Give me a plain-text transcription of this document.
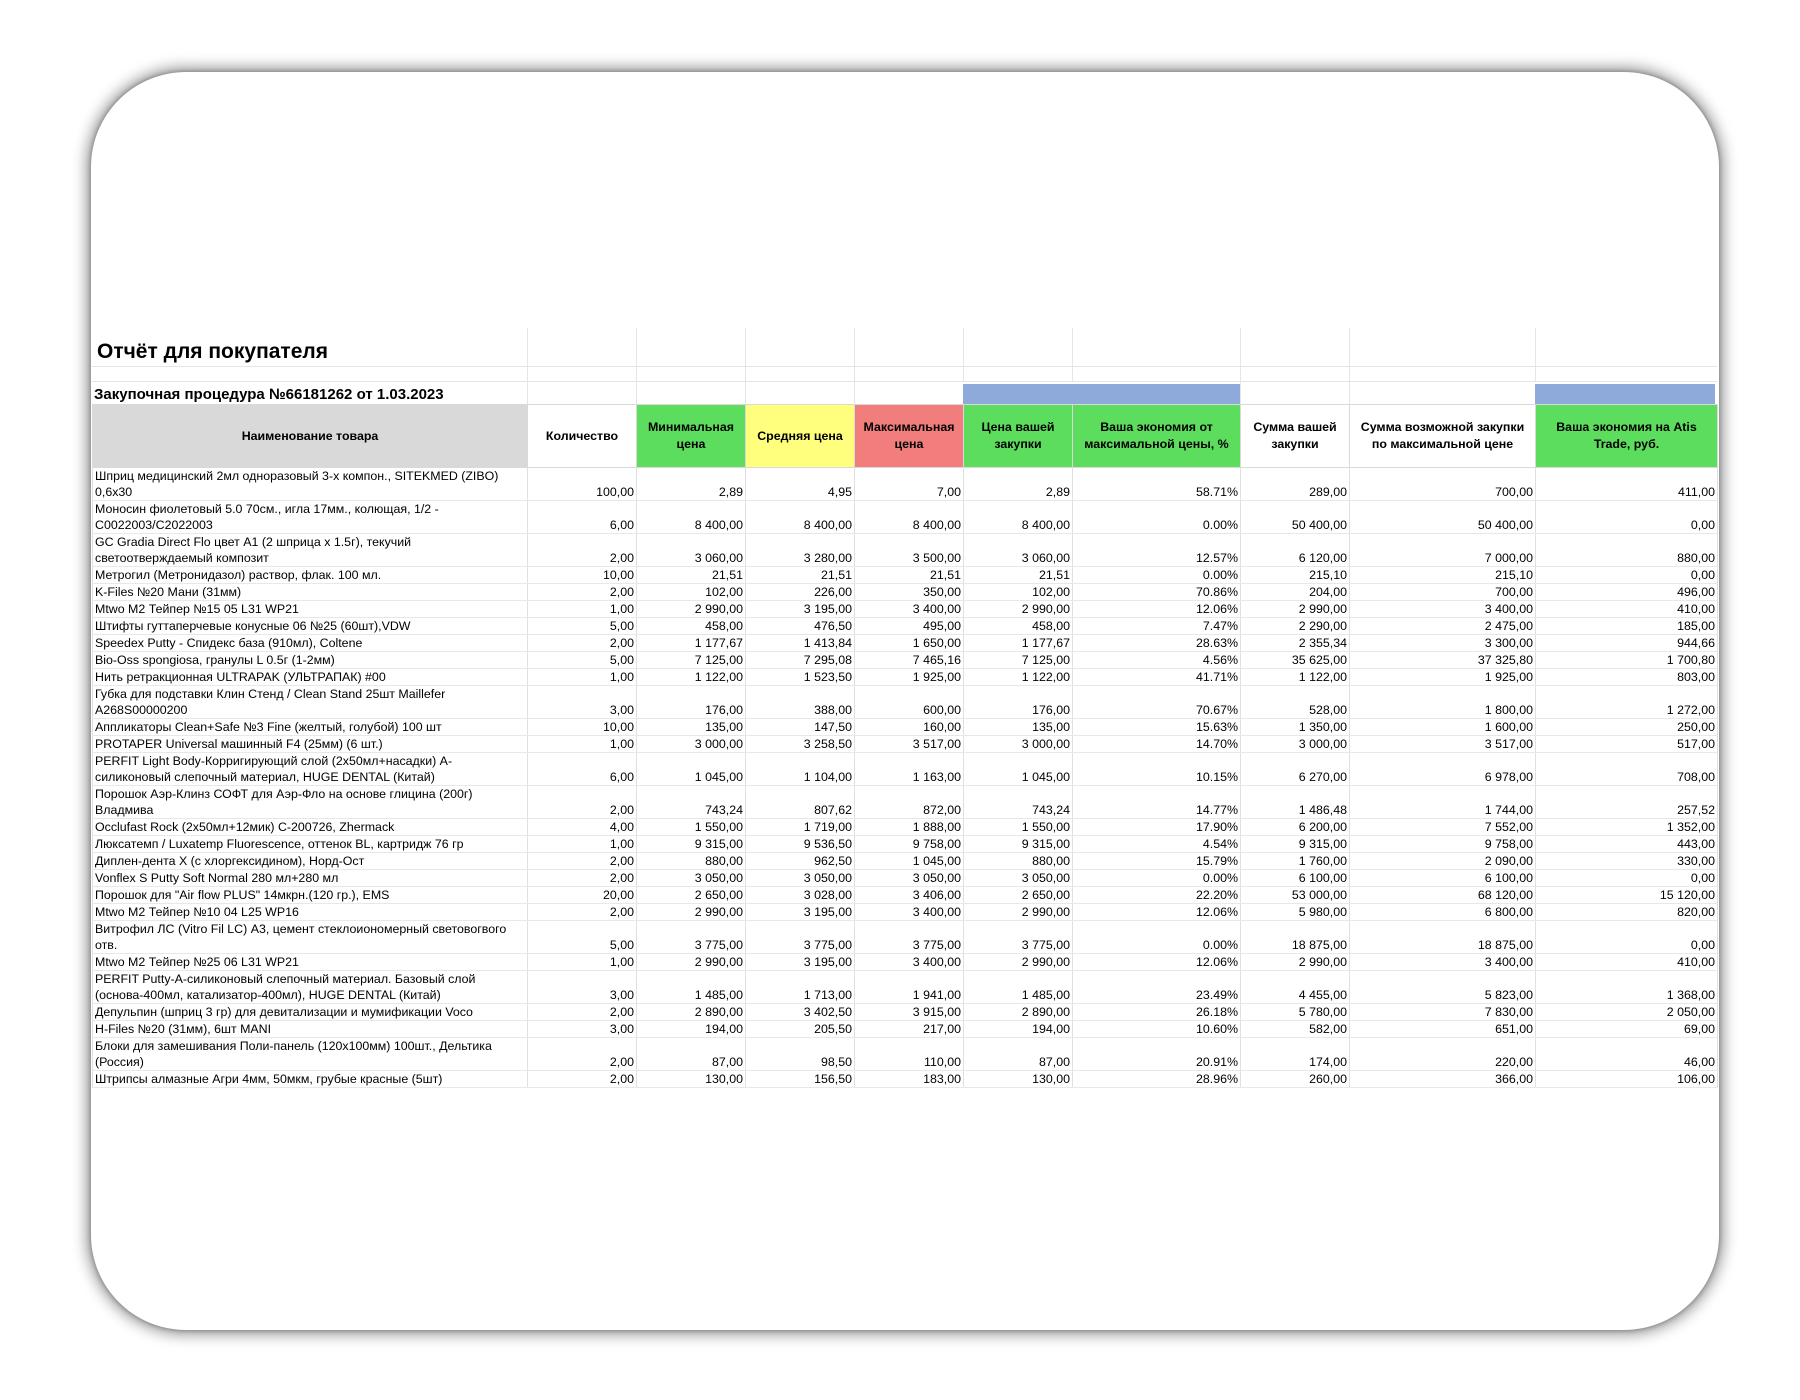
Отчёт для покупателя
Закупочная процедура №66181262 от 1.03.2023
Наименование товара	Количество	Минимальная цена	Средняя цена	Максимальная цена	Цена вашей закупки	Ваша экономия от максимальной цены, %	Сумма вашей закупки	Сумма возможной закупки по максимальной цене	Ваша экономия на Atis Trade, руб.
Шприц медицинский 2мл одноразовый 3-х компон., SITEKMED (ZIBO) 0,6х30	100,00	2,89	4,95	7,00	2,89	58.71%	289,00	700,00	411,00
Моносин фиолетовый 5.0 70см., игла 17мм., колющая, 1/2 - C0022003/C2022003	6,00	8 400,00	8 400,00	8 400,00	8 400,00	0.00%	50 400,00	50 400,00	0,00
GC Gradia Direct Flo цвет А1 (2 шприца х 1.5г), текучий светоотверждаемый композит	2,00	3 060,00	3 280,00	3 500,00	3 060,00	12.57%	6 120,00	7 000,00	880,00
Метрогил (Метронидазол) раствор, флак. 100 мл.	10,00	21,51	21,51	21,51	21,51	0.00%	215,10	215,10	0,00
K-Files №20 Мани (31мм)	2,00	102,00	226,00	350,00	102,00	70.86%	204,00	700,00	496,00
Mtwo M2 Тейпер №15 05 L31 WP21	1,00	2 990,00	3 195,00	3 400,00	2 990,00	12.06%	2 990,00	3 400,00	410,00
Штифты гуттаперчевые конусные 06 №25 (60шт),VDW	5,00	458,00	476,50	495,00	458,00	7.47%	2 290,00	2 475,00	185,00
Speedex Putty - Спидекс база (910мл), Coltene	2,00	1 177,67	1 413,84	1 650,00	1 177,67	28.63%	2 355,34	3 300,00	944,66
Bio-Oss spongiosa, гранулы L 0.5г (1-2мм)	5,00	7 125,00	7 295,08	7 465,16	7 125,00	4.56%	35 625,00	37 325,80	1 700,80
Нить ретракционная ULTRAPAK (УЛЬТРАПАК) #00	1,00	1 122,00	1 523,50	1 925,00	1 122,00	41.71%	1 122,00	1 925,00	803,00
Губка для подставки Клин Стенд / Clean Stand 25шт Maillefer A268S00000200	3,00	176,00	388,00	600,00	176,00	70.67%	528,00	1 800,00	1 272,00
Аппликаторы Clean+Safe №3 Fine (желтый, голубой) 100 шт	10,00	135,00	147,50	160,00	135,00	15.63%	1 350,00	1 600,00	250,00
PROTAPER Universal машинный F4 (25мм) (6 шт.)	1,00	3 000,00	3 258,50	3 517,00	3 000,00	14.70%	3 000,00	3 517,00	517,00
PERFIT Light Body-Корригирующий слой (2x50мл+насадки) А-силиконовый слепочный материал, HUGE DENTAL (Китай)	6,00	1 045,00	1 104,00	1 163,00	1 045,00	10.15%	6 270,00	6 978,00	708,00
Порошок Аэр-Клинз СОФТ для Аэр-Фло на основе глицина (200г) Владмива	2,00	743,24	807,62	872,00	743,24	14.77%	1 486,48	1 744,00	257,52
Occlufast Rock (2x50мл+12мик) С-200726, Zhermack	4,00	1 550,00	1 719,00	1 888,00	1 550,00	17.90%	6 200,00	7 552,00	1 352,00
Люксатемп / Luxatemp Fluorescence, оттенок BL, картридж 76 гр	1,00	9 315,00	9 536,50	9 758,00	9 315,00	4.54%	9 315,00	9 758,00	443,00
Диплен-дента Х (с хлоргексидином), Норд-Ост	2,00	880,00	962,50	1 045,00	880,00	15.79%	1 760,00	2 090,00	330,00
Vonflex S Putty Soft Normal 280 мл+280 мл	2,00	3 050,00	3 050,00	3 050,00	3 050,00	0.00%	6 100,00	6 100,00	0,00
Порошок для "Air flow PLUS" 14мкрн.(120 гр.), EMS	20,00	2 650,00	3 028,00	3 406,00	2 650,00	22.20%	53 000,00	68 120,00	15 120,00
Mtwo M2 Тейпер №10 04 L25 WP16	2,00	2 990,00	3 195,00	3 400,00	2 990,00	12.06%	5 980,00	6 800,00	820,00
Витрофил ЛС (Vitro Fil LC) А3, цемент стеклоиономерный световогвого отв.	5,00	3 775,00	3 775,00	3 775,00	3 775,00	0.00%	18 875,00	18 875,00	0,00
Mtwo M2 Тейпер №25 06 L31 WP21	1,00	2 990,00	3 195,00	3 400,00	2 990,00	12.06%	2 990,00	3 400,00	410,00
PERFIT Putty-A-силиконовый слепочный материал. Базовый слой (основа-400мл, катализатор-400мл), HUGE DENTAL (Китай)	3,00	1 485,00	1 713,00	1 941,00	1 485,00	23.49%	4 455,00	5 823,00	1 368,00
Депульпин (шприц 3 гр) для девитализации и мумификации Voco	2,00	2 890,00	3 402,50	3 915,00	2 890,00	26.18%	5 780,00	7 830,00	2 050,00
H-Files №20 (31мм), 6шт MANI	3,00	194,00	205,50	217,00	194,00	10.60%	582,00	651,00	69,00
Блоки для замешивания Поли-панель (120х100мм) 100шт., Дельтика (Россия)	2,00	87,00	98,50	110,00	87,00	20.91%	174,00	220,00	46,00
Штрипсы алмазные Агри 4мм, 50мкм, грубые красные (5шт)	2,00	130,00	156,50	183,00	130,00	28.96%	260,00	366,00	106,00
